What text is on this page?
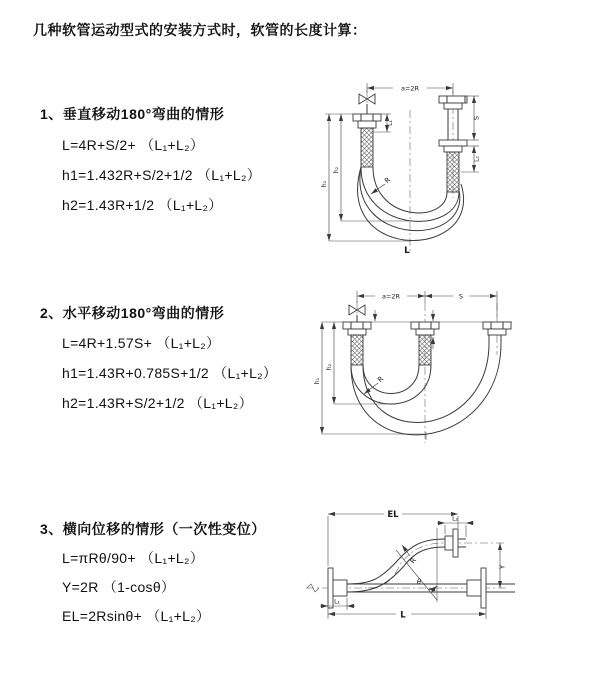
几种软管运动型式的安装方式时，软管的长度计算：
1、垂直移动180°弯曲的情形
L=4R+S/2+ （L₁+L₂）
h1=1.432R+S/2+1/2 （L₁+L₂）
h2=1.43R+1/2 （L₁+L₂）
a=2R
L₁
S
L₂
h₂
h₁	R
L
2、水平移动180°弯曲的情形
L=4R+1.57S+ （L₁+L₂）
h1=1.43R+0.785S+1/2 （L₁+L₂）
h2=1.43R+S/2+1/2 （L₁+L₂）
a=2R	S
h₂
h₁	R
3、横向位移的情形（一次性变位）
L=πRθ/90+ （L₁+L₂）
Y=2R （1-cosθ）
EL=2Rsinθ+ （L₁+L₂）
EL	L₂
Y
θ
R
L
L₁
